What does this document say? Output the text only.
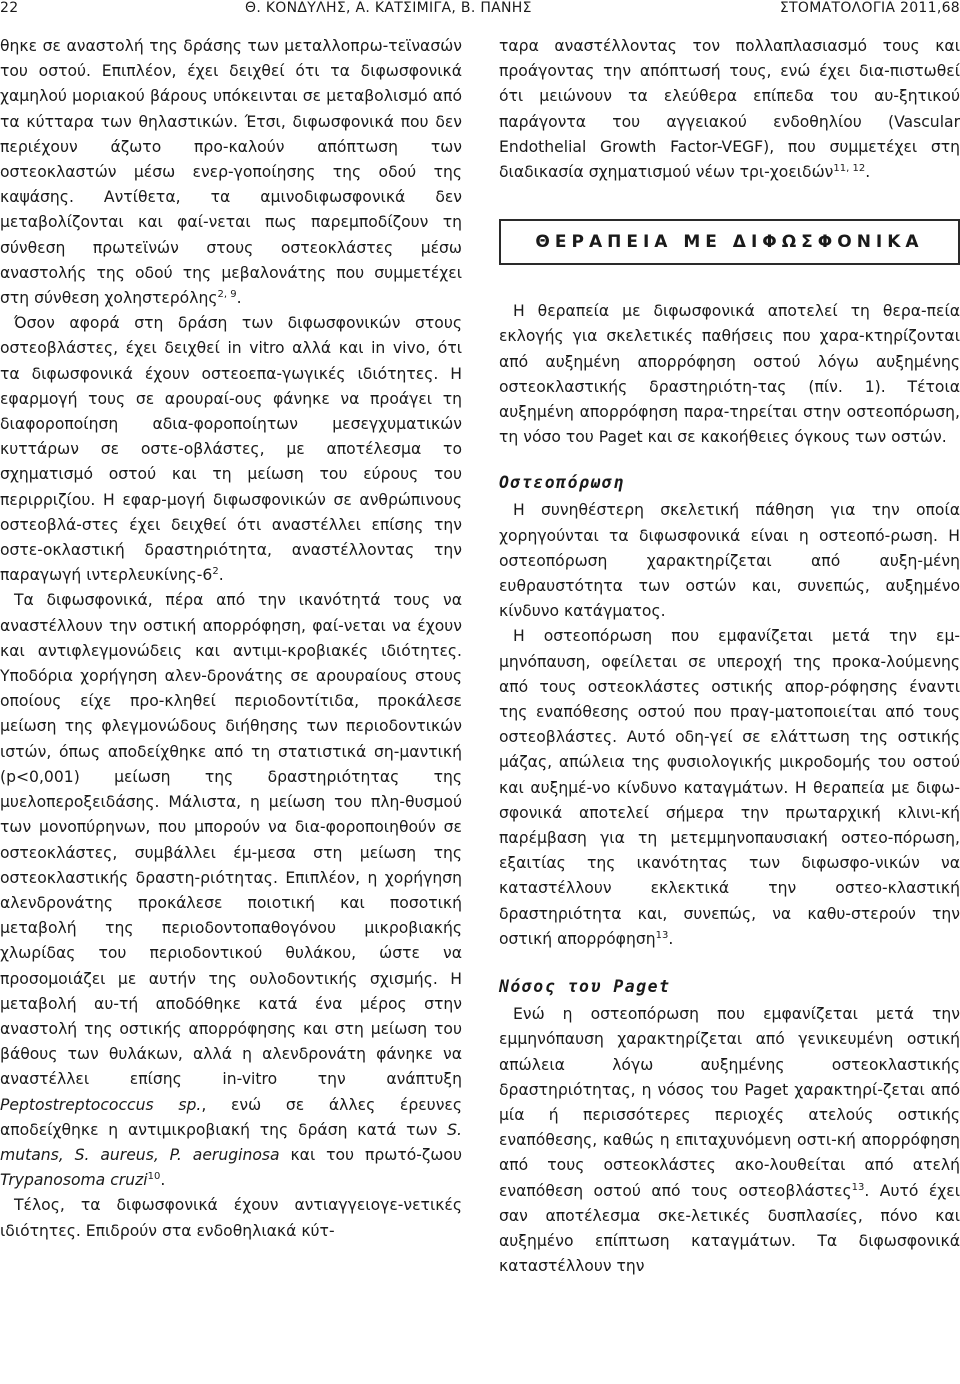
22	Θ. ΚΟΝΔΥΛΗΣ, Α. ΚΑΤΣΙΜΙΓΑ, Β. ΠΑΝΗΣ	ΣΤΟΜΑΤΟΛΟΓΙΑ 2011,68

θηκε σε αναστολή της δράσης των μεταλλοπρω-τεϊνασών του οστού. Επιπλέον, έχει δειχθεί ότι τα διφωσφονικά χαμηλού μοριακού βάρους υπόκεινται σε μεταβολισμό από τα κύτταρα των θηλαστικών. Έτσι, διφωσφονικά που δεν περιέχουν άζωτο προ-καλούν απόπτωση των οστεοκλαστών μέσω ενερ-γοποίησης της οδού της καψάσης. Αντίθετα, τα αμινοδιφωσφονικά δεν μεταβολίζονται και φαί-νεται πως παρεμποδίζουν τη σύνθεση πρωτεϊνών στους οστεοκλάστες μέσω αναστολής της οδού της μεβαλονάτης που συμμετέχει στη σύνθεση χοληστερόλης$^{2, 9}$.

Όσον αφορά στη δράση των διφωσφονικών στους οστεοβλάστες, έχει δειχθεί in vitro αλλά και in vivo, ότι τα διφωσφονικά έχουν οστεοεπα-γωγικές ιδιότητες. Η εφαρμογή τους σε αρουραί-ους φάνηκε να προάγει τη διαφοροποίηση αδια-φοροποίητων μεσεγχυματικών κυττάρων σε οστε-οβλάστες, με αποτέλεσμα το σχηματισμό οστού και τη μείωση του εύρους του περιρριζίου. Η εφαρ-μογή διφωσφονικών σε ανθρώπινους οστεοβλά-στες έχει δειχθεί ότι αναστέλλει επίσης την οστε-οκλαστική δραστηριότητα, αναστέλλοντας την παραγωγή ιντερλευκίνης-$6^2$.

Τα διφωσφονικά, πέρα από την ικανότητά τους να αναστέλλουν την οστική απορρόφηση, φαί-νεται να έχουν και αντιφλεγμονώδεις και αντιμι-κροβιακές ιδιότητες. Υποδόρια χορήγηση αλεν-δρονάτης σε αρουραίους στους οποίους είχε προ-κληθεί περιοδοντίτιδα, προκάλεσε μείωση της φλεγμονώδους διήθησης των περιοδοντικών ιστών, όπως αποδείχθηκε από τη στατιστικά ση-μαντική (p<0,001) μείωση της δραστηριότητας της μυελοπεροξειδάσης. Μάλιστα, η μείωση του πλη-θυσμού των μονοπύρηνων, που μπορούν να δια-φοροποιηθούν σε οστεοκλάστες, συμβάλλει έμ-μεσα στη μείωση της οστεοκλαστικής δραστη-ριότητας. Επιπλέον, η χορήγηση αλενδρονάτης προκάλεσε ποιοτική και ποσοτική μεταβολή της περιοδοντοπαθογόνου μικροβιακής χλωρίδας του περιοδοντικού θυλάκου, ώστε να προσομοιάζει με αυτήν της ουλοδοντικής σχισμής. Η μεταβολή αυ-τή αποδόθηκε κατά ένα μέρος στην αναστολή της οστικής απορρόφησης και στη μείωση του βάθους των θυλάκων, αλλά η αλενδρονάτη φάνηκε να αναστέλλει επίσης in-vitro την ανάπτυξη Peptostreptococcus sp., ενώ σε άλλες έρευνες αποδείχθηκε η αντιμικροβιακή της δράση κατά των S. mutans, S. aureus, P. aeruginosa και του πρωτό-ζωου Trypanosoma cruzi$^{10}$.

Τέλος, τα διφωσφονικά έχουν αντιαγγειογε-νετικές ιδιότητες. Επιδρούν στα ενδοθηλιακά κύτ-

ταρα αναστέλλοντας τον πολλαπλασιασμό τους και προάγοντας την απόπτωσή τους, ενώ έχει δια-πιστωθεί ότι μειώνουν τα ελεύθερα επίπεδα του αυ-ξητικού παράγοντα του αγγειακού ενδοθηλίου (Vascular Endothelial Growth Factor-VEGF), που συμμετέχει στη διαδικασία σχηματισμού νέων τρι-χοειδών$^{11, 12}$.

ΘΕΡΑΠΕΙΑ ΜΕ ΔΙΦΩΣΦΟΝΙΚΑ

Η θεραπεία με διφωσφονικά αποτελεί τη θερα-πεία εκλογής για σκελετικές παθήσεις που χαρα-κτηρίζονται από αυξημένη απορρόφηση οστού λόγω αυξημένης οστεοκλαστικής δραστηριότη-τας (πίν. 1). Τέτοια αυξημένη απορρόφηση παρα-τηρείται στην οστεοπόρωση, τη νόσο του Paget και σε κακοήθειες όγκους των οστών.

Οστεοπόρωση

Η συνηθέστερη σκελετική πάθηση για την οποία χορηγούνται τα διφωσφονικά είναι η οστεοπό-ρωση. Η οστεοπόρωση χαρακτηρίζεται από αυξη-μένη ευθραυστότητα των οστών και, συνεπώς, αυξημένο κίνδυνο κατάγματος.

Η οστεοπόρωση που εμφανίζεται μετά την εμ-μηνόπαυση, οφείλεται σε υπεροχή της προκα-λούμενης από τους οστεοκλάστες οστικής απορ-ρόφησης έναντι της εναπόθεσης οστού που πραγ-ματοποιείται από τους οστεοβλάστες. Αυτό οδη-γεί σε ελάττωση της οστικής μάζας, απώλεια της φυσιολογικής μικροδομής του οστού και αυξημέ-νο κίνδυνο καταγμάτων. Η θεραπεία με διφω-σφονικά αποτελεί σήμερα την πρωταρχική κλινι-κή παρέμβαση για τη μετεμμηνοπαυσιακή οστεο-πόρωση, εξαιτίας της ικανότητας των διφωσφο-νικών να καταστέλλουν εκλεκτικά την οστεο-κλαστική δραστηριότητα και, συνεπώς, να καθυ-στερούν την οστική απορρόφηση$^{13}$.

Νόσος του Paget

Ενώ η οστεοπόρωση που εμφανίζεται μετά την εμμηνόπαυση χαρακτηρίζεται από γενικευμένη οστική απώλεια λόγω αυξημένης οστεοκλαστικής δραστηριότητας, η νόσος του Paget χαρακτηρί-ζεται από μία ή περισσότερες περιοχές ατελούς οστικής εναπόθεσης, καθώς η επιταχυνόμενη οστι-κή απορρόφηση από τους οστεοκλάστες ακο-λουθείται από ατελή εναπόθεση οστού από τους οστεοβλάστες$^{13}$. Αυτό έχει σαν αποτέλεσμα σκε-λετικές δυσπλασίες, πόνο και αυξημένο επίπτωση καταγμάτων. Τα διφωσφονικά καταστέλλουν την
